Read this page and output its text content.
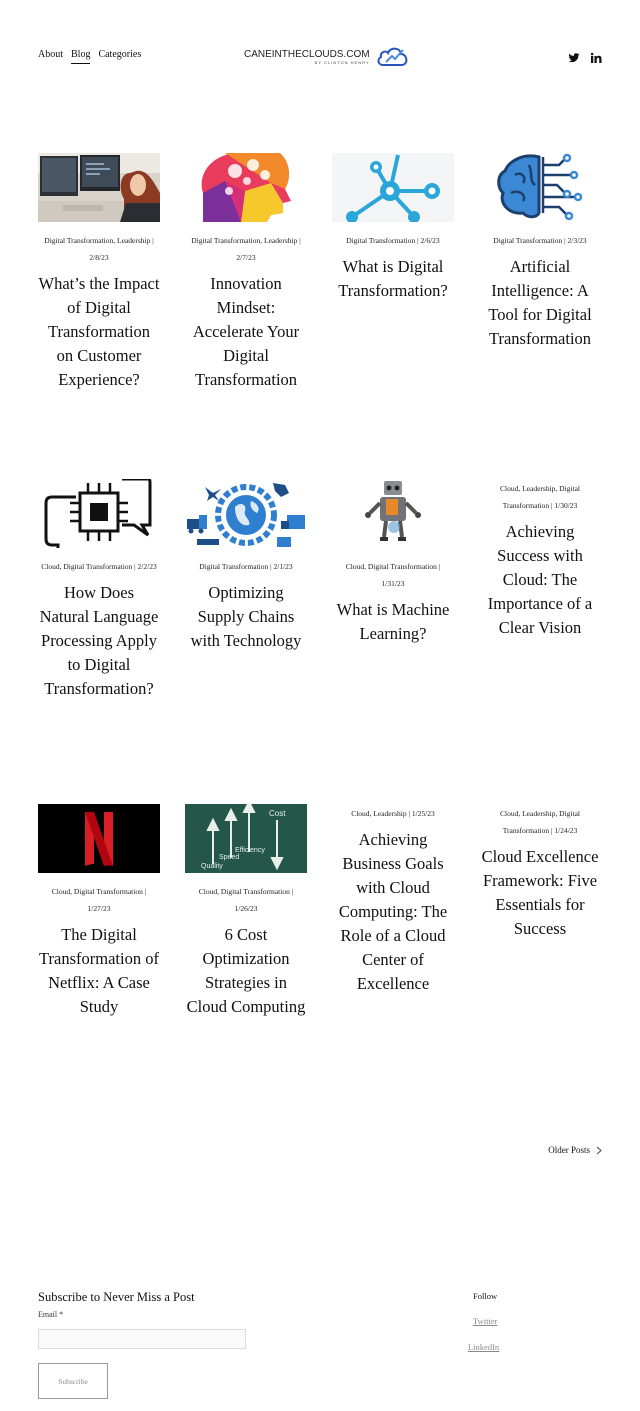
About Blog Categories	CANEINTHECLOUDS.COM
BY CLINTON HENRY
Digital Transformation, Leadership | 2/8/23
What’s the Impact of Digital Transformation on Customer Experience?
Digital Transformation, Leadership | 2/7/23
Innovation Mindset: Accelerate Your Digital Transformation
Digital Transformation | 2/6/23
What is Digital Transformation?
Digital Transformation | 2/3/23
Artificial Intelligence: A Tool for Digital Transformation
Cloud, Digital Transformation | 2/2/23
How Does Natural Language Processing Apply to Digital Transformation?
Digital Transformation | 2/1/23
Optimizing Supply Chains with Technology
Cloud, Digital Transformation | 1/31/23
What is Machine Learning?
Cloud, Leadership, Digital Transformation | 1/30/23
Achieving Success with Cloud: The Importance of a Clear Vision
Cloud, Digital Transformation | 1/27/23
The Digital Transformation of Netflix: A Case Study
Cost
Efficiency
Speed
Quality
Cloud, Digital Transformation | 1/26/23
6 Cost Optimization Strategies in Cloud Computing
Cloud, Leadership | 1/25/23
Achieving Business Goals with Cloud Computing: The Role of a Cloud Center of Excellence
Cloud, Leadership, Digital Transformation | 1/24/23
Cloud Excellence Framework: Five Essentials for Success
Older Posts
Subscribe to Never Miss a Post
Email *
Subscribe
Follow
Twitter
LinkedIn
